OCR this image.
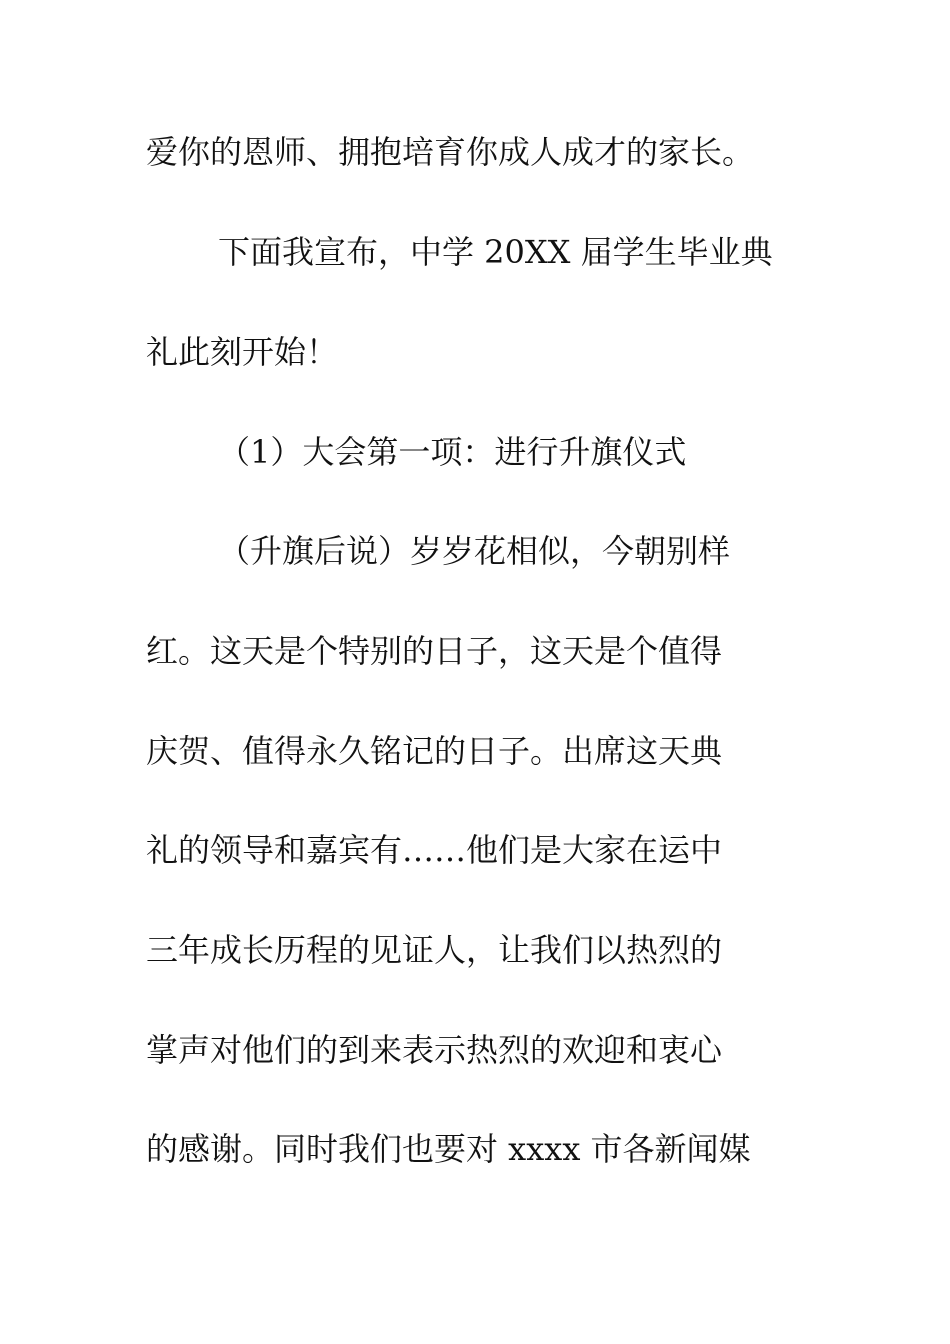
爱你的恩师、拥抱培育你成人成才的家长。
下面我宣布，中学 20XX 届学生毕业典
礼此刻开始！
（1）大会第一项：进行升旗仪式
（升旗后说）岁岁花相似，今朝别样
红。这天是个特别的日子，这天是个值得
庆贺、值得永久铭记的日子。出席这天典
礼的领导和嘉宾有……他们是大家在运中
三年成长历程的见证人，让我们以热烈的
掌声对他们的到来表示热烈的欢迎和衷心
的感谢。同时我们也要对 xxxx 市各新闻媒
